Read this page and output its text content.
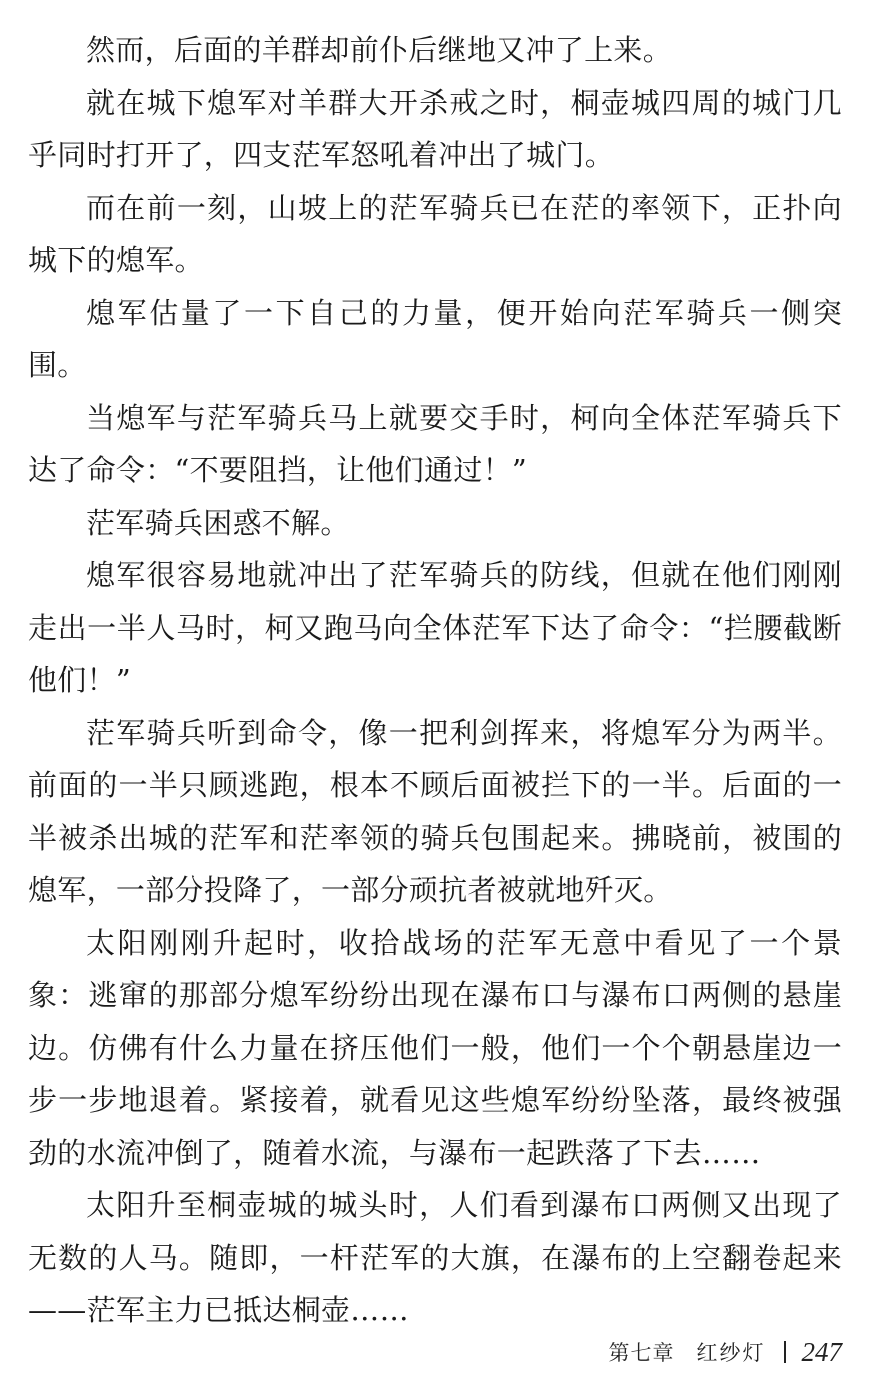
然而，后面的羊群却前仆后继地又冲了上来。

就在城下熄军对羊群大开杀戒之时，桐壶城四周的城门几乎同时打开了，四支茫军怒吼着冲出了城门。

而在前一刻，山坡上的茫军骑兵已在茫的率领下，正扑向城下的熄军。

熄军估量了一下自己的力量，便开始向茫军骑兵一侧突围。

当熄军与茫军骑兵马上就要交手时，柯向全体茫军骑兵下达了命令：“不要阻挡，让他们通过！”

茫军骑兵困惑不解。

熄军很容易地就冲出了茫军骑兵的防线，但就在他们刚刚走出一半人马时，柯又跑马向全体茫军下达了命令：“拦腰截断他们！”

茫军骑兵听到命令，像一把利剑挥来，将熄军分为两半。前面的一半只顾逃跑，根本不顾后面被拦下的一半。后面的一半被杀出城的茫军和茫率领的骑兵包围起来。拂晓前，被围的熄军，一部分投降了，一部分顽抗者被就地歼灭。

太阳刚刚升起时，收拾战场的茫军无意中看见了一个景象：逃窜的那部分熄军纷纷出现在瀑布口与瀑布口两侧的悬崖边。仿佛有什么力量在挤压他们一般，他们一个个朝悬崖边一步一步地退着。紧接着，就看见这些熄军纷纷坠落，最终被强劲的水流冲倒了，随着水流，与瀑布一起跌落了下去……

太阳升至桐壶城的城头时，人们看到瀑布口两侧又出现了无数的人马。随即，一杆茫军的大旗，在瀑布的上空翻卷起来——茫军主力已抵达桐壶……

第七章 红纱灯 247
